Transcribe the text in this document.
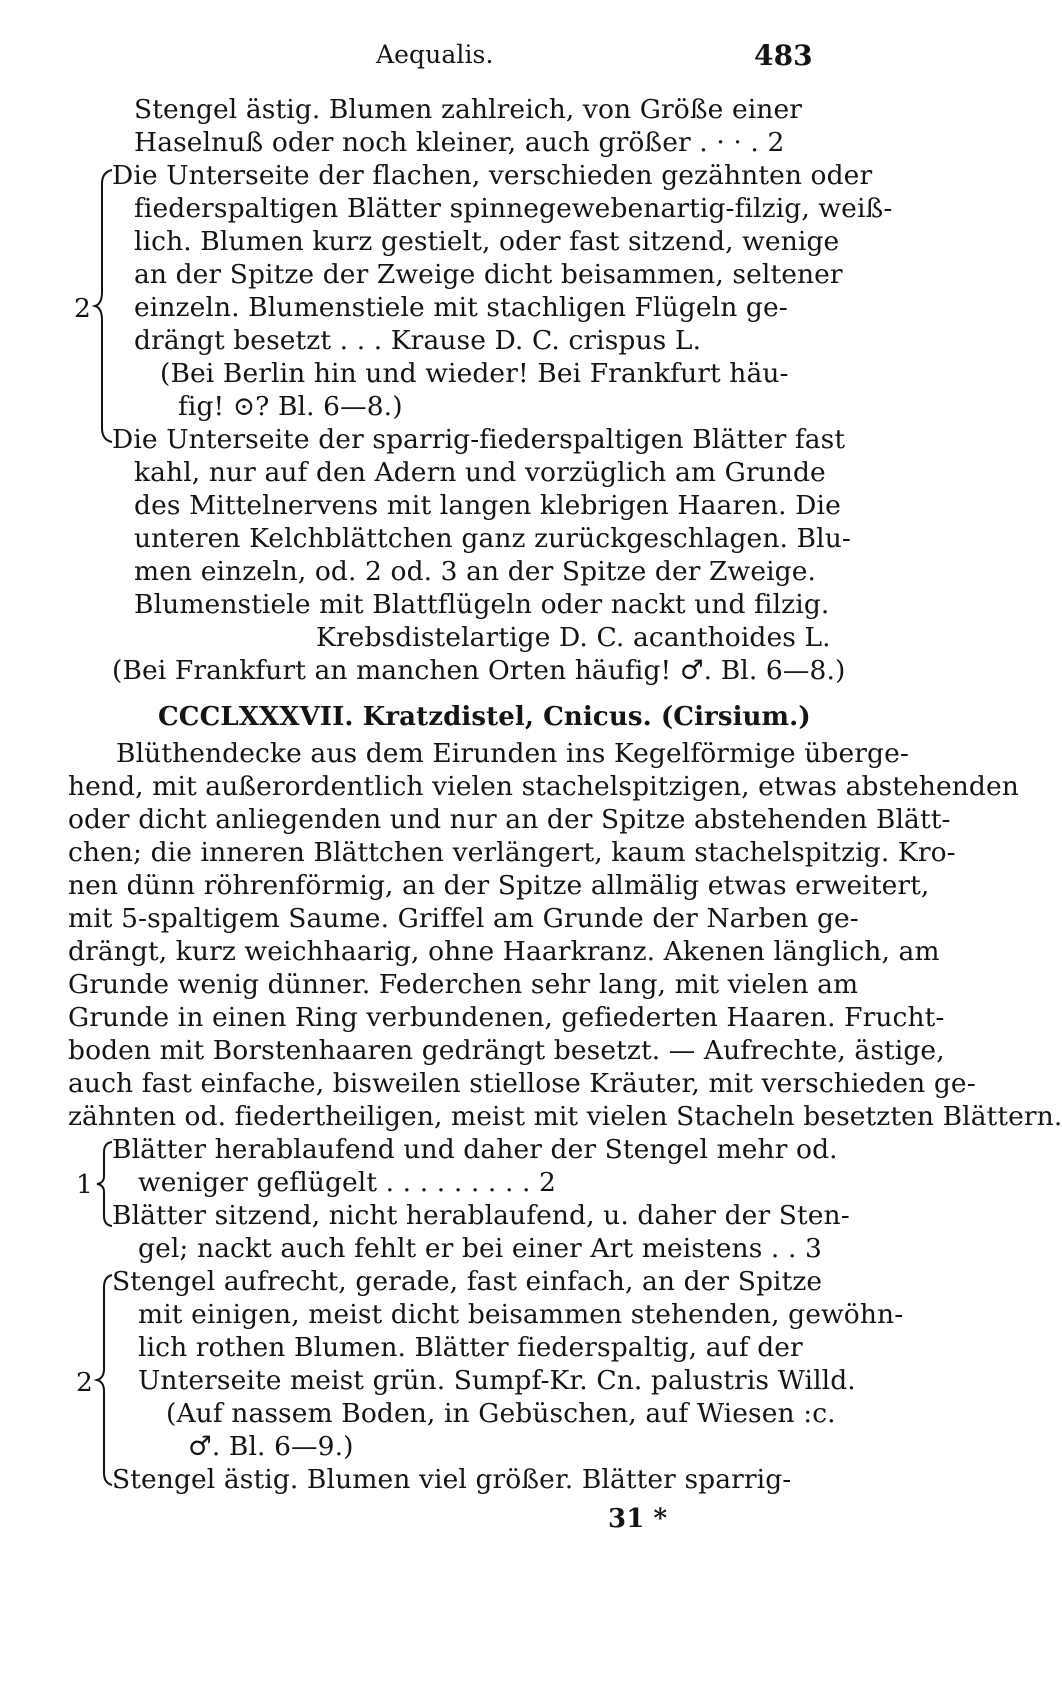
Aequalis.	483
Stengel ästig. Blumen zahlreich, von Größe einer
Haselnuß oder noch kleiner, auch größer . · · . 2
Die Unterseite der flachen, verschieden gezähnten oder
fiederspaltigen Blätter spinnegewebenartig-filzig, weiß-
lich. Blumen kurz gestielt, oder fast sitzend, wenige
an der Spitze der Zweige dicht beisammen, seltener
einzeln. Blumenstiele mit stachligen Flügeln ge-
drängt besetzt . . . Krause D. C. crispus L.
(Bei Berlin hin und wieder! Bei Frankfurt häu-
fig! ⊙? Bl. 6—8.)
Die Unterseite der sparrig-fiederspaltigen Blätter fast
kahl, nur auf den Adern und vorzüglich am Grunde
des Mittelnervens mit langen klebrigen Haaren. Die
unteren Kelchblättchen ganz zurückgeschlagen. Blu-
men einzeln, od. 2 od. 3 an der Spitze der Zweige.
Blumenstiele mit Blattflügeln oder nackt und filzig.
Krebsdistelartige D. C. acanthoides L.
(Bei Frankfurt an manchen Orten häufig! ♂. Bl. 6—8.)
2
CCCLXXXVII. Kratzdistel, Cnicus. (Cirsium.)
Blüthendecke aus dem Eirunden ins Kegelförmige überge-
hend, mit außerordentlich vielen stachelspitzigen, etwas abstehenden
oder dicht anliegenden und nur an der Spitze abstehenden Blätt-
chen; die inneren Blättchen verlängert, kaum stachelspitzig. Kro-
nen dünn röhrenförmig, an der Spitze allmälig etwas erweitert,
mit 5-spaltigem Saume. Griffel am Grunde der Narben ge-
drängt, kurz weichhaarig, ohne Haarkranz. Akenen länglich, am
Grunde wenig dünner. Federchen sehr lang, mit vielen am
Grunde in einen Ring verbundenen, gefiederten Haaren. Frucht-
boden mit Borstenhaaren gedrängt besetzt. — Aufrechte, ästige,
auch fast einfache, bisweilen stiellose Kräuter, mit verschieden ge-
zähnten od. fiedertheiligen, meist mit vielen Stacheln besetzten Blättern.
Blätter herablaufend und daher der Stengel mehr od.
weniger geflügelt . . . . . . . . . 2
Blätter sitzend, nicht herablaufend, u. daher der Sten-
gel; nackt auch fehlt er bei einer Art meistens . . 3
1
Stengel aufrecht, gerade, fast einfach, an der Spitze
mit einigen, meist dicht beisammen stehenden, gewöhn-
lich rothen Blumen. Blätter fiederspaltig, auf der
Unterseite meist grün. Sumpf-Kr. Cn. palustris Willd.
(Auf nassem Boden, in Gebüschen, auf Wiesen :c.
♂. Bl. 6—9.)
Stengel ästig. Blumen viel größer. Blätter sparrig-
2
31 *
